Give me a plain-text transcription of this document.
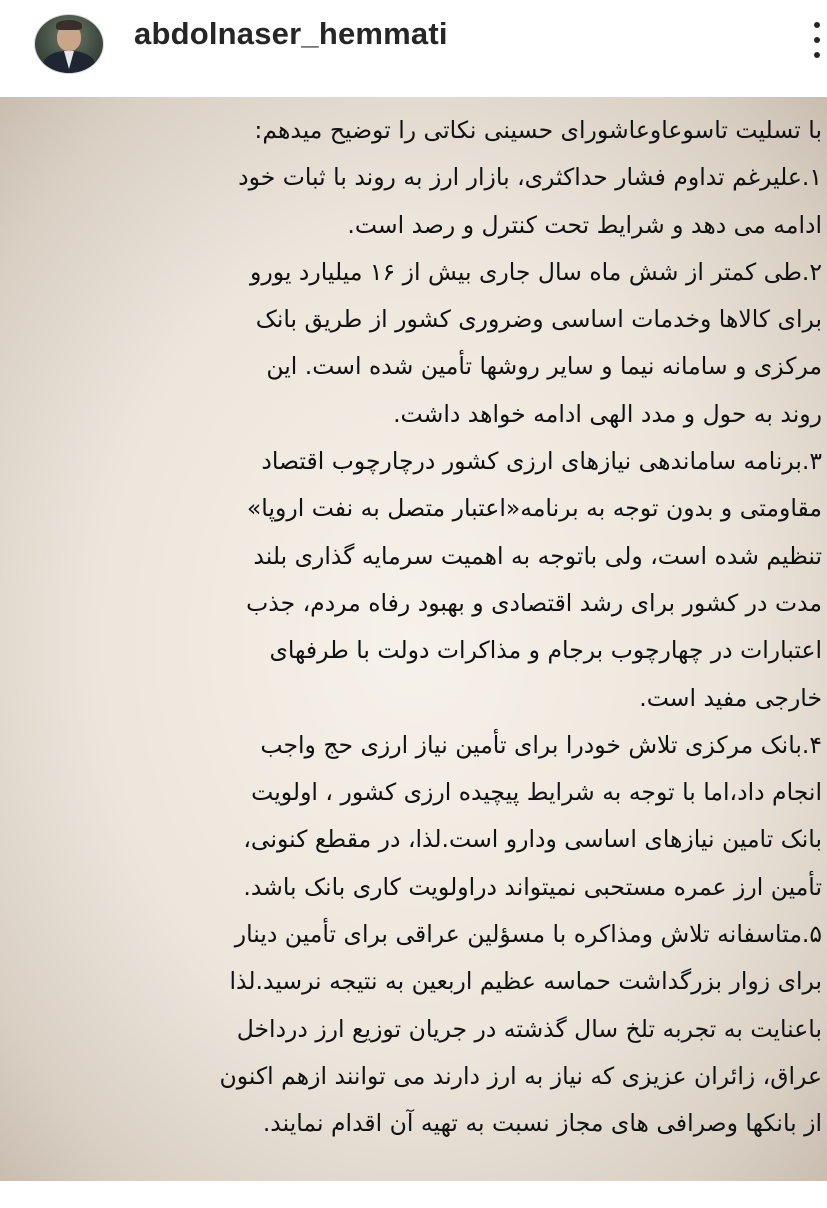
abdolnaser_hemmati
با تسلیت تاسوعاوعاشورای حسینی نکاتی را توضیح میدهم:
۱.علیرغم تداوم فشار حداکثری، بازار ارز به روند با ثبات خود
ادامه می دهد و شرایط تحت کنترل و رصد است.
۲.طی کمتر از شش ماه سال جاری بیش از ۱۶ میلیارد یورو
برای کالاها وخدمات اساسی وضروری کشور از طریق بانک
مرکزی و سامانه نیما و سایر روشها تأمین شده است. این
روند به حول و مدد الهی ادامه خواهد داشت.
۳.برنامه ساماندهی نیازهای ارزی کشور درچارچوب اقتصاد
مقاومتی و بدون توجه به برنامه«اعتبار متصل به نفت اروپا»
تنظیم شده است، ولی باتوجه به اهمیت سرمایه گذاری بلند
مدت در کشور برای رشد اقتصادی و بهبود رفاه مردم، جذب
اعتبارات در چهارچوب برجام و مذاکرات دولت با طرفهای
خارجی مفید است.
۴.بانک مرکزی تلاش خودرا برای تأمین نیاز ارزی حج واجب
انجام داد،اما با توجه به شرایط پیچیده ارزی کشور ، اولویت
بانک تامین نیازهای اساسی ودارو است.لذا، در مقطع کنونی،
تأمین ارز عمره مستحبی نمیتواند دراولویت کاری بانک باشد.
۵.متاسفانه تلاش ومذاکره با مسؤلین عراقی برای تأمین دینار
برای زوار بزرگداشت حماسه عظیم اربعین به نتیجه نرسید.لذا
باعنایت به تجربه تلخ سال گذشته در جریان توزیع ارز درداخل
عراق، زائران عزیزی که نیاز به ارز دارند می توانند ازهم اکنون
از بانکها وصرافی های مجاز نسبت به تهیه آن اقدام نمایند.
